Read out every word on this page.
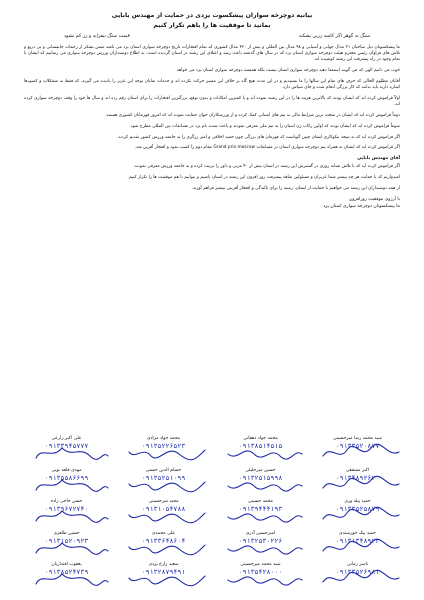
بیانیه دوچرخه سواران پیشکسوت یزدی در حمایت از مهندس بابایی
بمانید تا موفقیت ها را باهم تکرار کنیم
سنگ به گوهر اگر کاسه زرین بشکند
قیمت سنگ نیفزاید و زر کم نشود

ما پیشکسوتان ذیل صاحبان ۲۱ مدال جهانی و آسیایی و ۹۸ مدال بین المللی و بیش از ۴۲۰ مدال کشوری که تمام افتخارات تاریخ دوچرخه سواری استان یزد می باشد ضمن تشکر از زحمات جانفشانی و بی دریغ و تلاش های فراوان رئیس محترم هیئت دوچرخه سواری استان یزد که در سال های گذشته باعث رشد و اعتلای این رشته در استان گردیده است، به اطلاع دوستداران ورزش دوچرخه سواری می رسانیم که ایشان با تمام وجود در راه پیشرفت این رشته کوشیده اند.

خوب می دانیم الهی که می گویند استعفا دهید دوچرخه سواری استان نیست بلکه همیشه دوچرخه سواری استان یزد می خواهد.

آقایان مطلوم الحالی که حرف های تمام این سالها را ما نشنیدیم و در این مدت هیچ گاه بر خلاف این مسیر حرکت نکرده اند و خدمات شایان توجه این عزیز را نادیده می گیرند، که فقط به مشکلات و کمبودها اشاره دارند باید بدانند که کار بزرگی انجام شده و جای سپاس دارد.

اولاً فراموش کرده اید که ایشان بودند که بالاترین هزینه ها را در این رشته نموده اند و با کمترین امکانات و بدون توقع، بزرگترین افتخارات را برای استان رقم زده اند و سال ها خود را وقف دوچرخه سواری کرده اند.

دوماً فراموش کرده اید که ایشان در سخت ترین شرایط مالی به تیم های استانی کمک کرده و از ورزشکاران جوان حمایت نموده اند که امروز قهرمانان کشوری هستند.

سوماً فراموش کرده اید که ایشان بودند که اولین رکاب زن استان را به تیم ملی معرفی نمودند و باعث شدند نام یزد در مسابقات بین المللی مطرح شود.

اگر فراموش کرده اید که به نتیجه نیکوکاری ایشان چنین گویاست که قهرمان های بزرگی چون حمید اخلاقی و امیر زرگری را به جامعه ورزش کشور تقدیم کردند.

اگر فراموش کرده اید که ایشان به همراه تیم دوچرخه سواری استان در مسابقات Grand prix moscow مقام دوم را کسب نمود و افتخار آفرین شد.

آقای مهندس بابایی

اگر فراموش کرده اید که با تلاش شبانه روزی در گسترش این رشته در استان بیش از ۴۰ مربی و داور را تربیت کرده و به جامعه ورزش معرفی نمودند.

امیدواریم که با حمایت هر چه بیشتر شما عزیزان و مسئولین شاهد پیشرفت روز افزون این رشته در استان باشیم و بتوانیم با هم موفقیت ها را تکرار کنیم.

از همه دوستداران این رشته می خواهیم با حمایت از ایشان، زمینه را برای بالندگی و افتخار آفرینی بیشتر فراهم آورند.

با آرزوی موفقیت روزافزون
ما پیشکسوتان دوچرخه سواری استان یزد
سید محمد رضا میرحسینی
۰۹۱۳۳۵۲۰۸۷۷
محمد جواد دهقانی
۰۹۱۳۸۵۱۴۵۱۵
محمد جواد مرادی
۰۹۱۳۵۲۲۶۵۲۳
علی اکبر زارعی
۰۹۱۳۳۹۴۵۷۷۷
اکبر مشفقی
۰۹۱۳۴۸۹۲۶۲۰
حسین میرجلیلی
۰۹۱۳۲۵۱۵۹۹۸
حسام الدین حسنی
۰۹۱۳۵۲۵۱۰۹۹
مهدی قلعه نویی
۰۹۱۳۵۵۸۶۶۹۹
حمید پیله وری
۰۹۱۳۳۵۲۵۸۷۹
محمد حسینی
۰۹۱۳۹۴۴۴۱۹۳
مجید میرحسینی
۰۹۱۳۱۰۵۴۷۸۸
حسن حاجی زاده
۰۹۱۳۹۶۷۲۷۴۰
حمید پیک خورسندی
۰۹۱۳۱۳۴۸۹۲۳
امیرحسین آذری
۰۹۱۳۲۵۳۰۲۲۶
علی محمدی
۰۹۱۳۳۶۴۸۶۰۴
حسین طاهری
۰۹۱۳۱۵۲۰۹۲۳
ناصر زمانی
۰۹۱۳۳۵۲۶۹۸۱
سید محمد میرحسینی
۰۹۱۳۵۴۲۸۰۰۰
سعید زارع یزدی
۰۹۱۳۲۸۷۹۴۹۱
یعقوب اقتداریان
۰۹۱۳۸۵۲۴۷۳۹
